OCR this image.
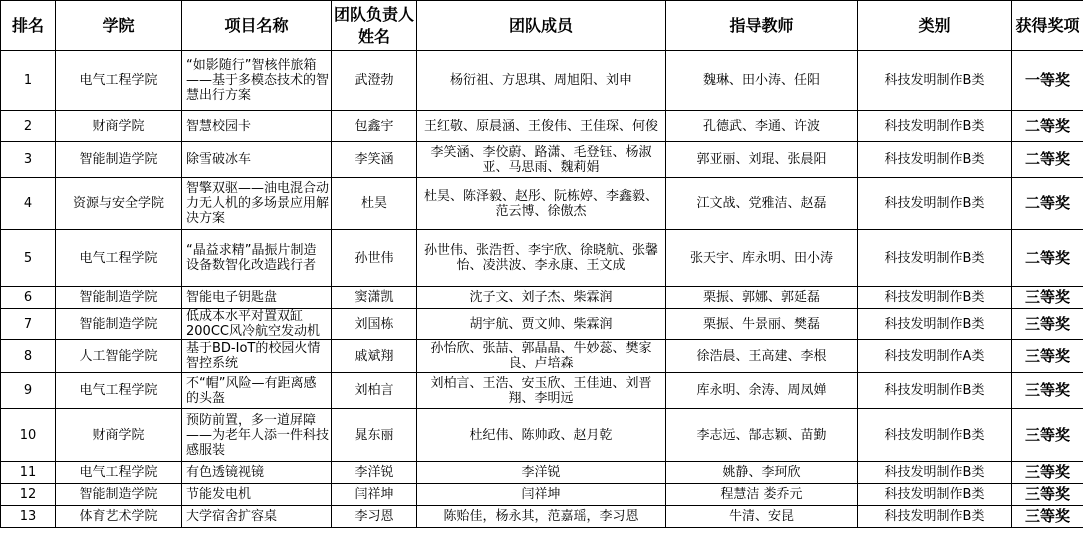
排名	学院	项目名称	团队负责人姓名	团队成员	指导教师	类别	获得奖项
1	电气工程学院	“如影随行”智核伴旅箱——基于多模态技术的智慧出行方案	武澄勃	杨衍祖、方思琪、周旭阳、刘申	魏琳、田小涛、任阳	科技发明制作B类	一等奖
2	财商学院	智慧校园卡	包鑫宇	王红敬、原晨涵、王俊伟、王佳琛、何俊	孔德武、李通、许波	科技发明制作B类	二等奖
3	智能制造学院	除雪破冰车	李笑涵	李笑涵、李佼蔚、路潇、毛登钰、杨淑亚、马思雨、魏莉娟	郭亚丽、刘琨、张晨阳	科技发明制作B类	二等奖
4	资源与安全学院	智擎双驱——油电混合动力无人机的多场景应用解决方案	杜昊	杜昊、陈泽毅、赵彤、阮栋婷、李鑫毅、范云博、徐傲杰	江文战、党雅洁、赵磊	科技发明制作B类	二等奖
5	电气工程学院	“晶益求精”晶振片制造设备数智化改造践行者	孙世伟	孙世伟、张浩哲、李宇欣、徐晓航、张馨怡、凌洪波、李永康、王文成	张天宇、库永明、田小涛	科技发明制作B类	二等奖
6	智能制造学院	智能电子钥匙盘	窦潇凯	沈子文、刘子杰、柴霖润	栗振、郭娜、郭延磊	科技发明制作B类	三等奖
7	智能制造学院	低成本水平对置双缸200CC风冷航空发动机	刘国栋	胡宇航、贾文帅、柴霖润	栗振、牛景丽、樊磊	科技发明制作B类	三等奖
8	人工智能学院	基于BD-IoT的校园火情智控系统	戚斌翔	孙怡欣、张喆、郭晶晶、牛妙蕊、樊家良、卢培森	徐浩晨、王高建、李根	科技发明制作A类	三等奖
9	电气工程学院	不“帽”风险—有距离感的头盔	刘柏言	刘柏言、王浩、安玉欣、王佳迪、刘晋翔、李明远	库永明、余涛、周凤婵	科技发明制作B类	三等奖
10	财商学院	预防前置，多一道屏障——为老年人添一件科技感服装	晁东丽	杜纪伟、陈帅政、赵月乾	李志远、郜志颖、苗勤	科技发明制作B类	三等奖
11	电气工程学院	有色透镜视镜	李洋锐	李洋锐	姚静、李珂欣	科技发明制作B类	三等奖
12	智能制造学院	节能发电机	闫祥坤	闫祥坤	程慧洁 娄乔元	科技发明制作B类	三等奖
13	体育艺术学院	大学宿舍扩容桌	李习恩	陈贻佳，杨永其，范嘉瑶，李习恩	牛清、安昆	科技发明制作B类	三等奖
